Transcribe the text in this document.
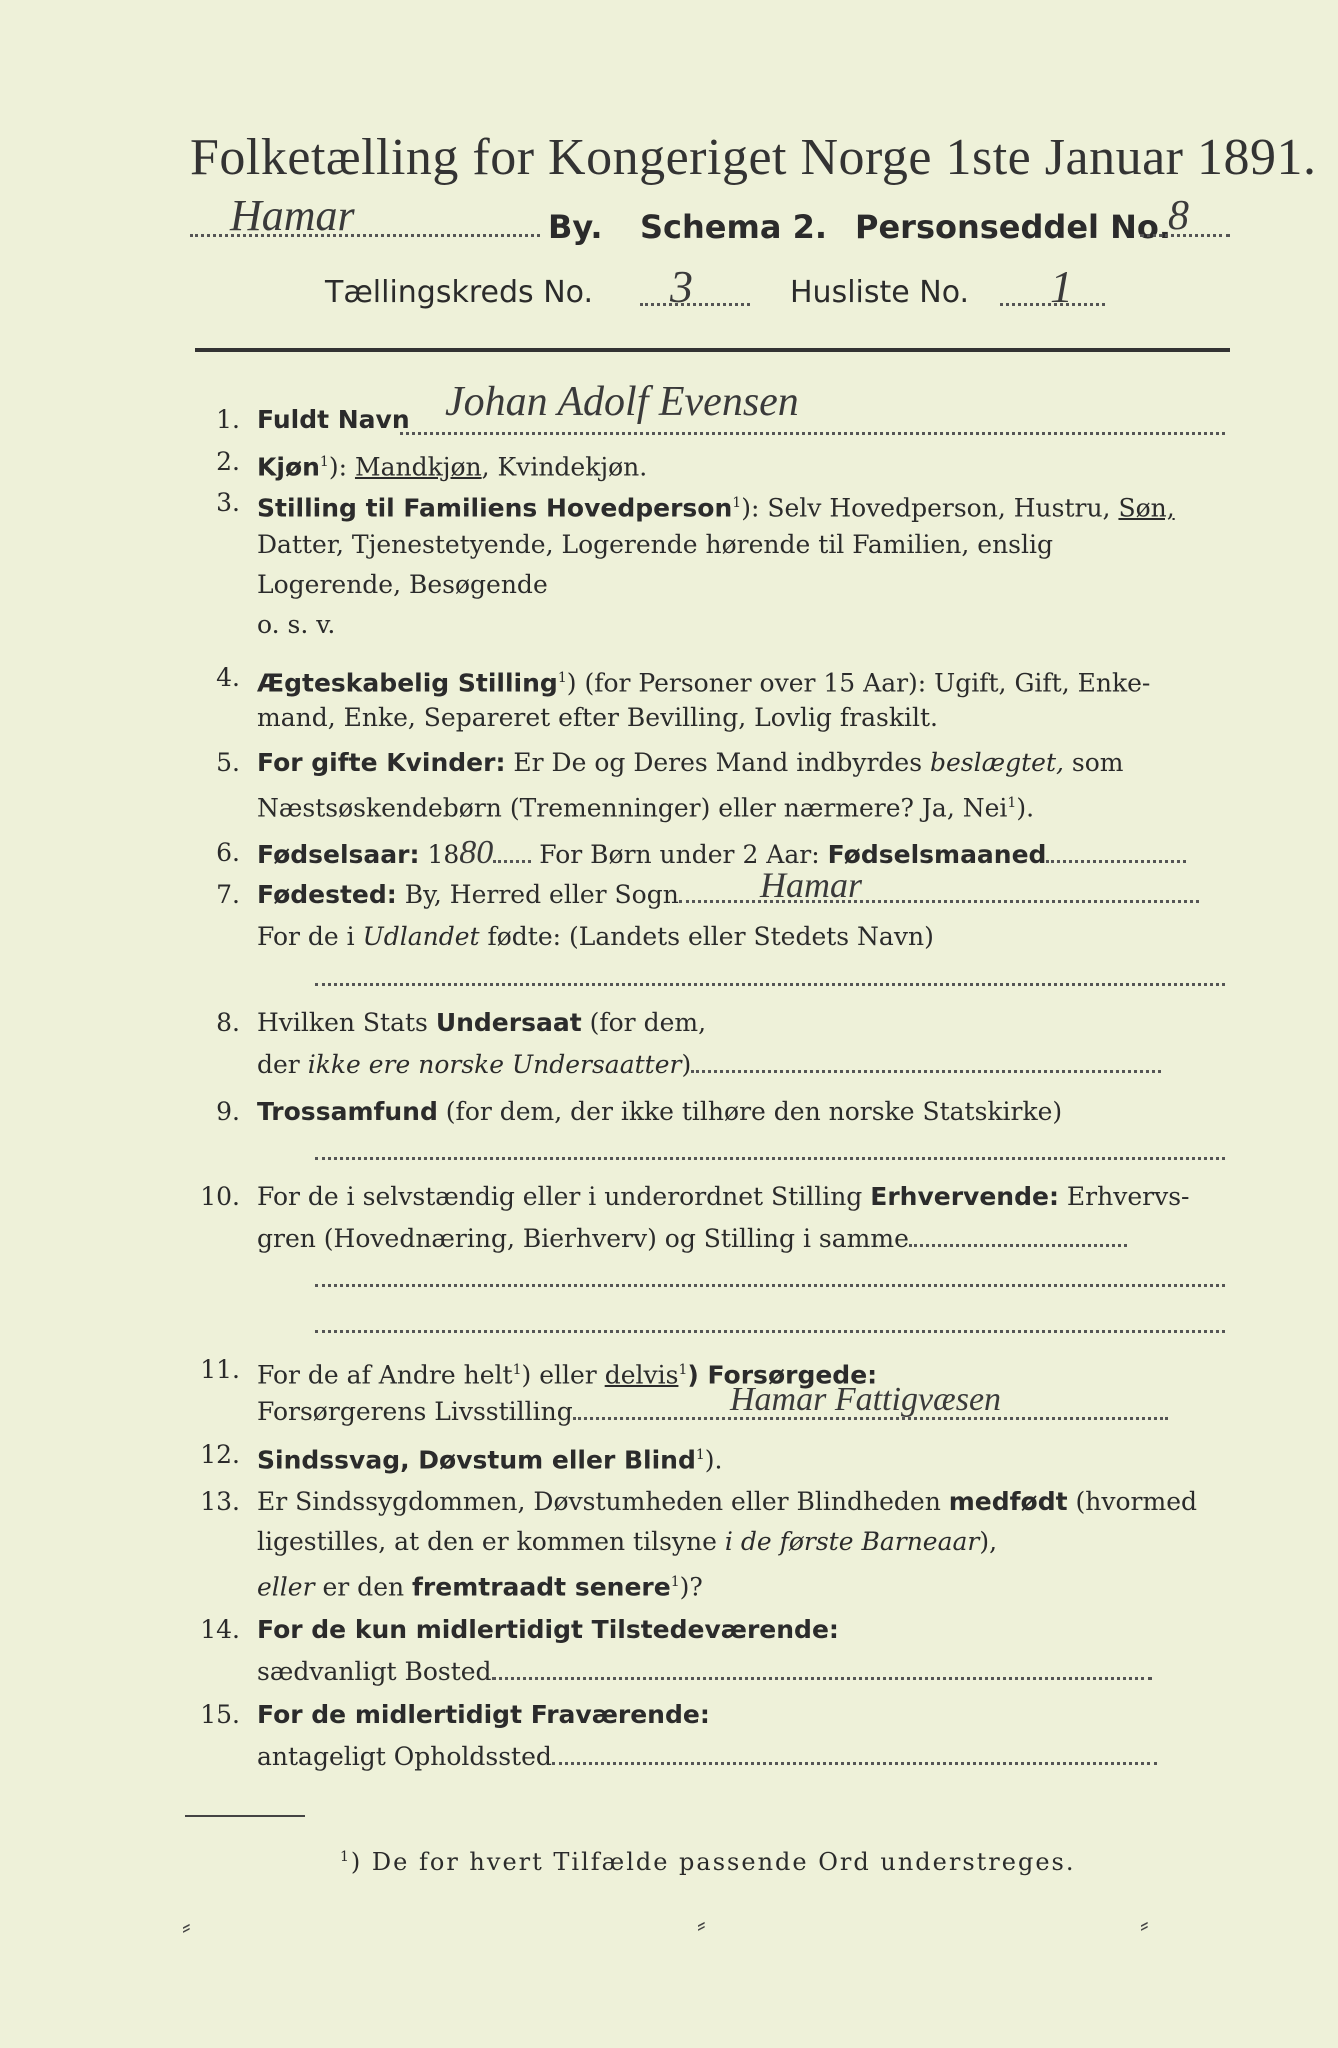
Folketælling for Kongeriget Norge 1ste Januar 1891.
Hamar	By. Schema 2. Personseddel No.
8
Tællingskreds No. 3	Husliste No. 1
1. Fuldt Navn Johan Adolf Evensen
2. Kjøn$^1$): Mandkjøn, Kvindekjøn.
3. Stilling til Familiens Hovedperson$^1$): Selv Hovedperson, Hustru, Søn,
Datter, Tjenestetyende, Logerende hørende til Familien, enslig
Logerende, Besøgende
o. s. v.
4. Ægteskabelig Stilling$^1$) (for Personer over 15 Aar): Ugift, Gift, Enke-
mand, Enke, Separeret efter Bevilling, Lovlig fraskilt.
5. For gifte Kvinder: Er De og Deres Mand indbyrdes beslægtet, som
Næstsøskendebørn (Tremenninger) eller nærmere? Ja, Nei$^1$).
6. Fødselsaar: 1880 For Børn under 2 Aar: Fødselsmaaned
7. Fødested: By, Herred eller Sogn	Hamar
For de i Udlandet fødte: (Landets eller Stedets Navn)
8. Hvilken Stats Undersaat (for dem,
der ikke ere norske Undersaatter)
9. Trossamfund (for dem, der ikke tilhøre den norske Statskirke)
10. For de i selvstændig eller i underordnet Stilling Erhvervende: Erhvervs-
gren (Hovednæring, Bierhverv) og Stilling i samme
11. For de af Andre helt$^1$) eller delvis$^1$) Forsørgede:
Forsørgerens Livsstilling	Hamar Fattigvæsen
12. Sindssvag, Døvstum eller Blind$^1$).
13. Er Sindssygdommen, Døvstumheden eller Blindheden medfødt (hvormed
ligestilles, at den er kommen tilsyne i de første Barneaar),
eller er den fremtraadt senere$^1$)?
14. For de kun midlertidigt Tilstedeværende:
sædvanligt Bosted
15. For de midlertidigt Fraværende:
antageligt Opholdssted
$^1$) De for hvert Tilfælde passende Ord understreges.
⸗	⸗	⸗
